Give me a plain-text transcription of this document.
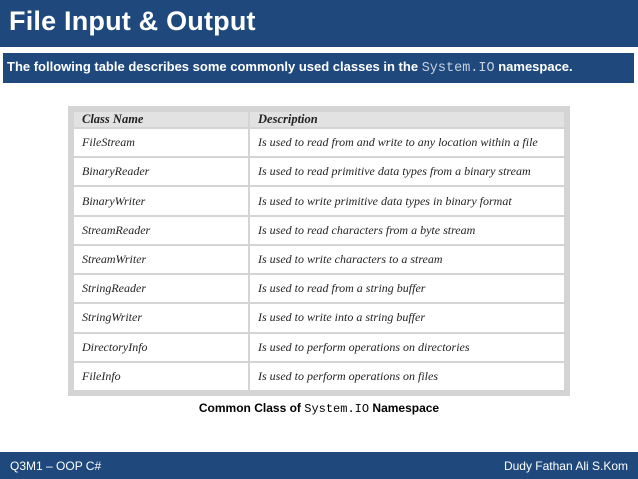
File Input & Output
The following table describes some commonly used classes in the System.IO namespace.
Class Name	Description
FileStream	Is used to read from and write to any location within a file
BinaryReader	Is used to read primitive data types from a binary stream
BinaryWriter	Is used to write primitive data types in binary format
StreamReader	Is used to read characters from a byte stream
StreamWriter	Is used to write characters to a stream
StringReader	Is used to read from a string buffer
StringWriter	Is used to write into a string buffer
DirectoryInfo	Is used to perform operations on directories
FileInfo	Is used to perform operations on files
Common Class of System.IO Namespace
Q3M1 – OOP C#	Dudy Fathan Ali S.Kom
